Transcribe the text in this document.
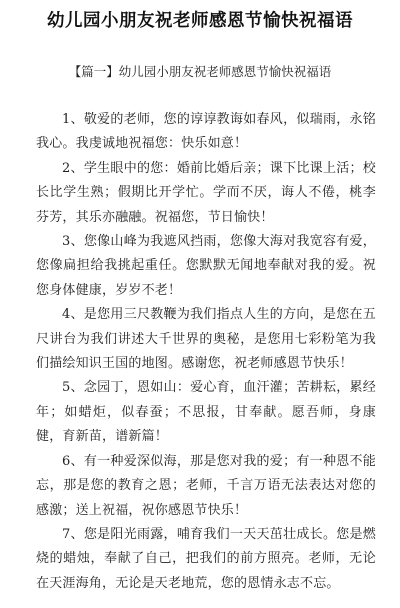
幼儿园小朋友祝老师感恩节愉快祝福语
【篇一】幼儿园小朋友祝老师感恩节愉快祝福语

1、敬爱的老师，您的谆谆教诲如春风，似瑞雨，永铭我心。我虔诚地祝福您：快乐如意！

2、学生眼中的您：婚前比婚后亲；课下比课上活；校长比学生熟；假期比开学忙。学而不厌，诲人不倦，桃李芬芳，其乐亦融融。祝福您，节日愉快！

3、您像山峰为我遮风挡雨，您像大海对我宽容有爱，您像扁担给我挑起重任。您默默无闻地奉献对我的爱。祝您身体健康，岁岁不老！

4、是您用三尺教鞭为我们指点人生的方向，是您在五尺讲台为我们讲述大千世界的奥秘，是您用七彩粉笔为我们描绘知识王国的地图。感谢您，祝老师感恩节快乐！

5、念园丁，恩如山：爱心育，血汗灌；苦耕耘，累经年；如蜡炬，似春蚕；不思报，甘奉献。愿吾师，身康健，育新苗，谱新篇！

6、有一种爱深似海，那是您对我的爱；有一种恩不能忘，那是您的教育之恩；老师，千言万语无法表达对您的感激；送上祝福，祝你感恩节快乐！

7、您是阳光雨露，哺育我们一天天茁壮成长。您是燃烧的蜡烛，奉献了自己，把我们的前方照亮。老师，无论在天涯海角，无论是天老地荒，您的恩情永志不忘。
